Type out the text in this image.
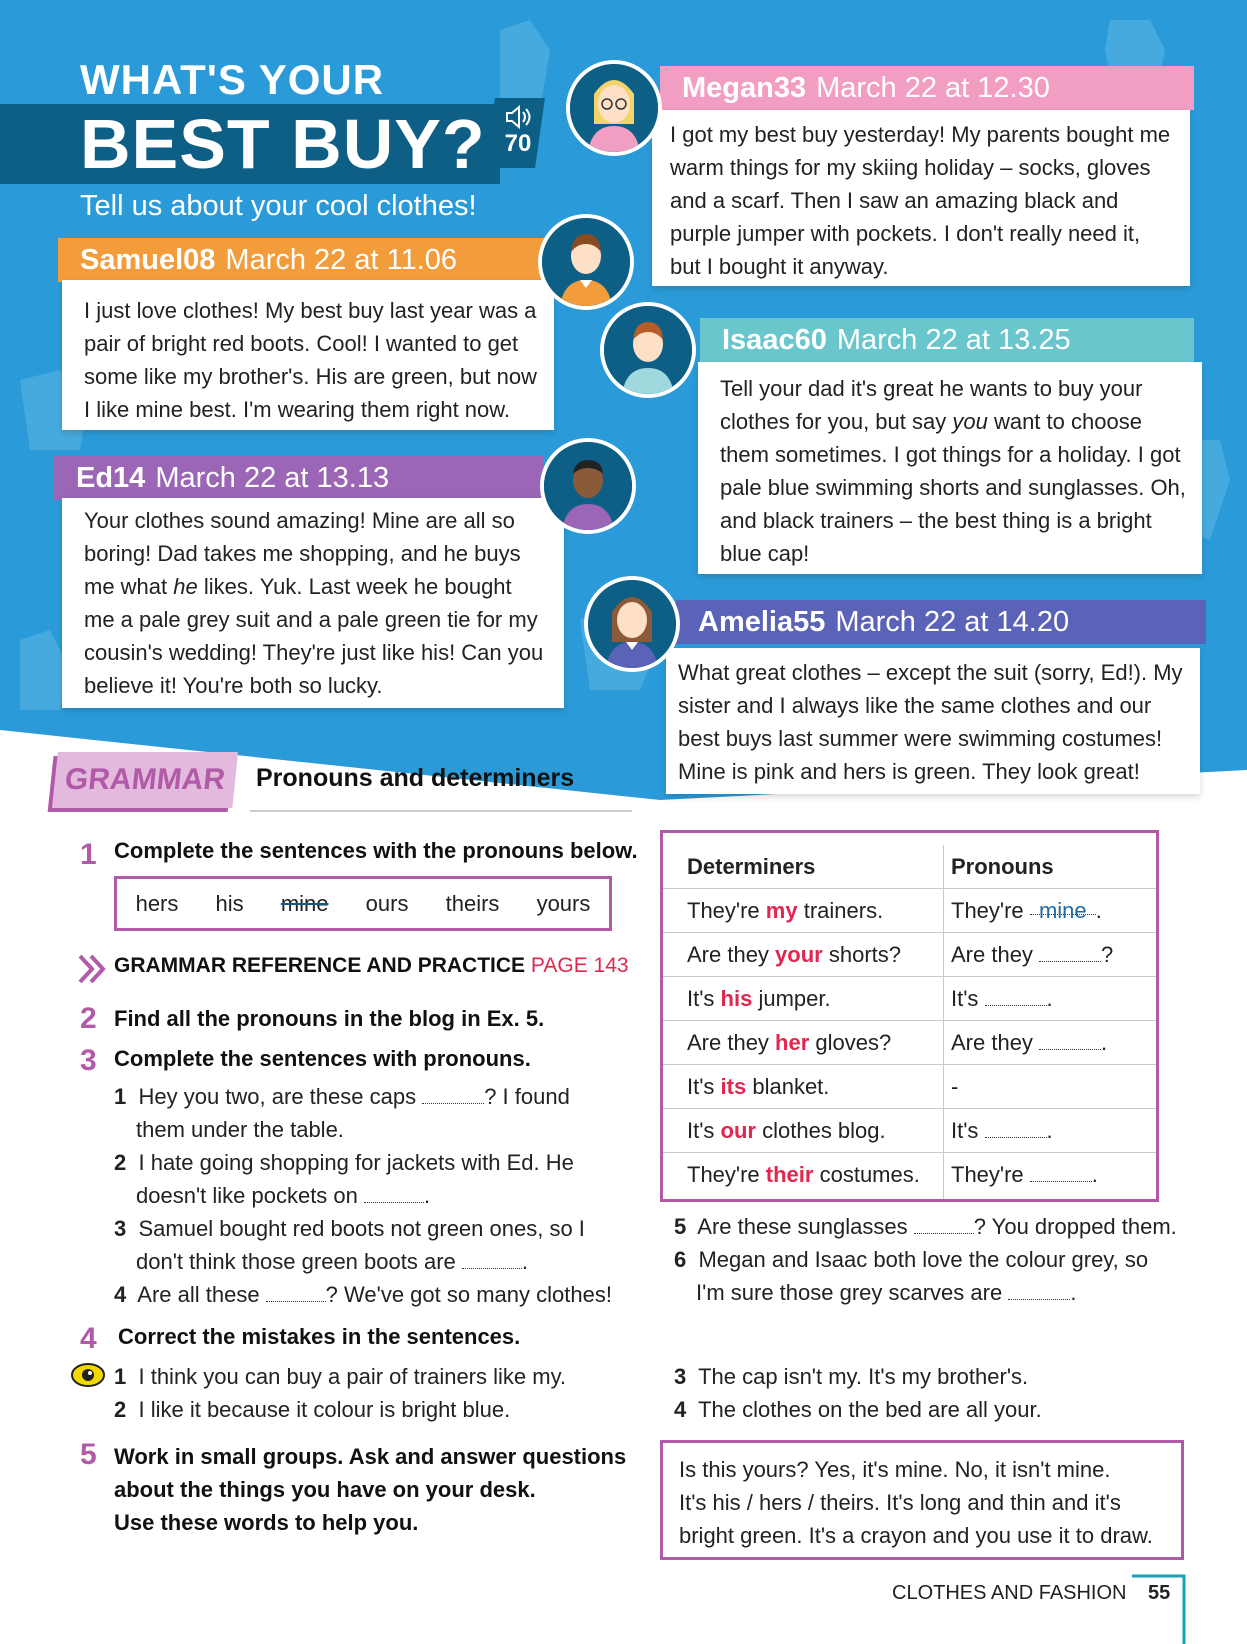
WHAT'S YOUR
BEST BUY? 70
Tell us about your cool clothes!
Megan33 March 22 at 12.30
I got my best buy yesterday! My parents bought me warm things for my skiing holiday – socks, gloves and a scarf. Then I saw an amazing black and purple jumper with pockets. I don't really need it, but I bought it anyway.
Samuel08 March 22 at 11.06
I just love clothes! My best buy last year was a pair of bright red boots. Cool! I wanted to get some like my brother's. His are green, but now I like mine best. I'm wearing them right now.
Isaac60 March 22 at 13.25
Tell your dad it's great he wants to buy your clothes for you, but say you want to choose them sometimes. I got things for a holiday. I got pale blue swimming shorts and sunglasses. Oh, and black trainers – the best thing is a bright blue cap!
Ed14 March 22 at 13.13
Your clothes sound amazing! Mine are all so boring! Dad takes me shopping, and he buys me what he likes. Yuk. Last week he bought me a pale grey suit and a pale green tie for my cousin's wedding! They're just like his! Can you believe it! You're both so lucky.
Amelia55 March 22 at 14.20
What great clothes – except the suit (sorry, Ed!). My sister and I always like the same clothes and our best buys last summer were swimming costumes! Mine is pink and hers is green. They look great!
GRAMMAR	Pronouns and determiners
1 Complete the sentences with the pronouns below.
hers his mine ours theirs yours
GRAMMAR REFERENCE AND PRACTICE PAGE 143
2 Find all the pronouns in the blog in Ex. 5.
3 Complete the sentences with pronouns.
1 Hey you two, are these caps	? I found
them under the table.
2 I hate going shopping for jackets with Ed. He
doesn't like pockets on	.
3 Samuel bought red boots not green ones, so I
don't think those green boots are	.
4 Are all these	? We've got so many clothes!
Determiners	Pronouns
They're my trainers.	They're mine .
Are they your shorts?	Are they	?
It's his jumper.	It's	.
Are they her gloves?	Are they	.
It's its blanket.	-
It's our clothes blog.	It's	.
They're their costumes.	They're	.
5 Are these sunglasses	? You dropped them.
6 Megan and Isaac both love the colour grey, so
I'm sure those grey scarves are	.
4 Correct the mistakes in the sentences.
1 I think you can buy a pair of trainers like my.
2 I like it because it colour is bright blue.
3 The cap isn't my. It's my brother's.
4 The clothes on the bed are all your.
5 Work in small groups. Ask and answer questions
about the things you have on your desk.
Use these words to help you.
Is this yours? Yes, it's mine. No, it isn't mine.
It's his / hers / theirs. It's long and thin and it's
bright green. It's a crayon and you use it to draw.
CLOTHES AND FASHION 55
